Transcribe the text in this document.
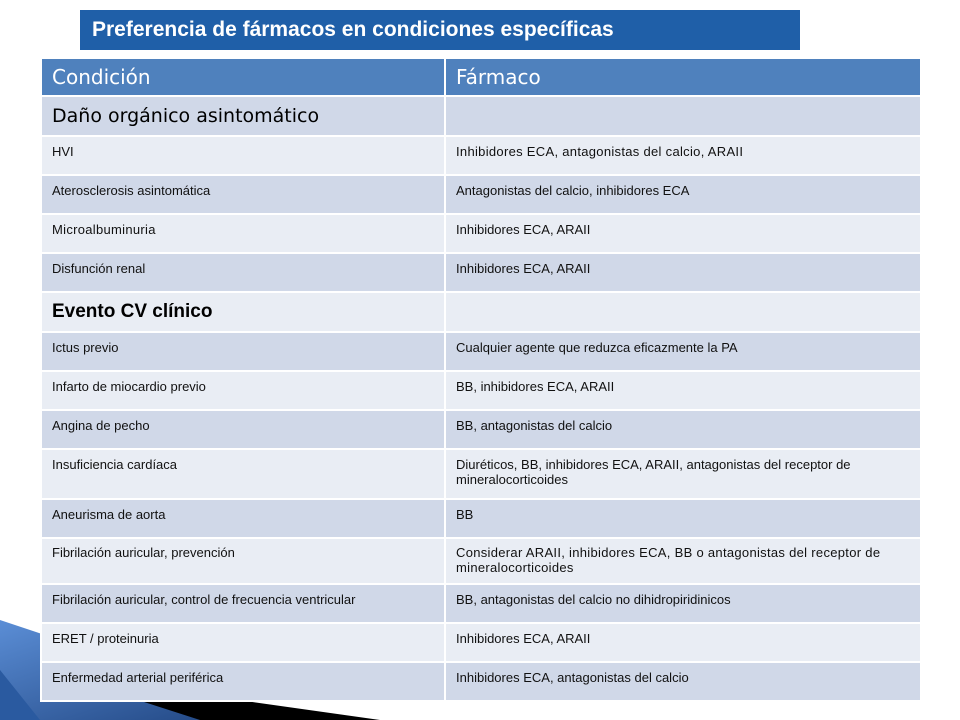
Preferencia de fármacos en condiciones específicas
Condición	Fármaco
Daño orgánico asintomático	
HVI	Inhibidores ECA, antagonistas del calcio, ARAII
Aterosclerosis asintomática	Antagonistas del calcio, inhibidores ECA
Microalbuminuria	Inhibidores ECA, ARAII
Disfunción renal	Inhibidores ECA, ARAII
Evento CV clínico	
Ictus previo	Cualquier agente que reduzca eficazmente la PA
Infarto de miocardio previo	BB, inhibidores ECA, ARAII
Angina de pecho	BB, antagonistas del calcio
Insuficiencia cardíaca	Diuréticos, BB, inhibidores ECA, ARAII, antagonistas del receptor de mineralocorticoides
Aneurisma de aorta	BB
Fibrilación auricular, prevención	Considerar ARAII, inhibidores ECA, BB o antagonistas del receptor de mineralocorticoides
Fibrilación auricular, control de frecuencia ventricular	BB, antagonistas del calcio no dihidropiridinicos
ERET / proteinuria	Inhibidores ECA, ARAII
Enfermedad arterial periférica	Inhibidores ECA, antagonistas del calcio
